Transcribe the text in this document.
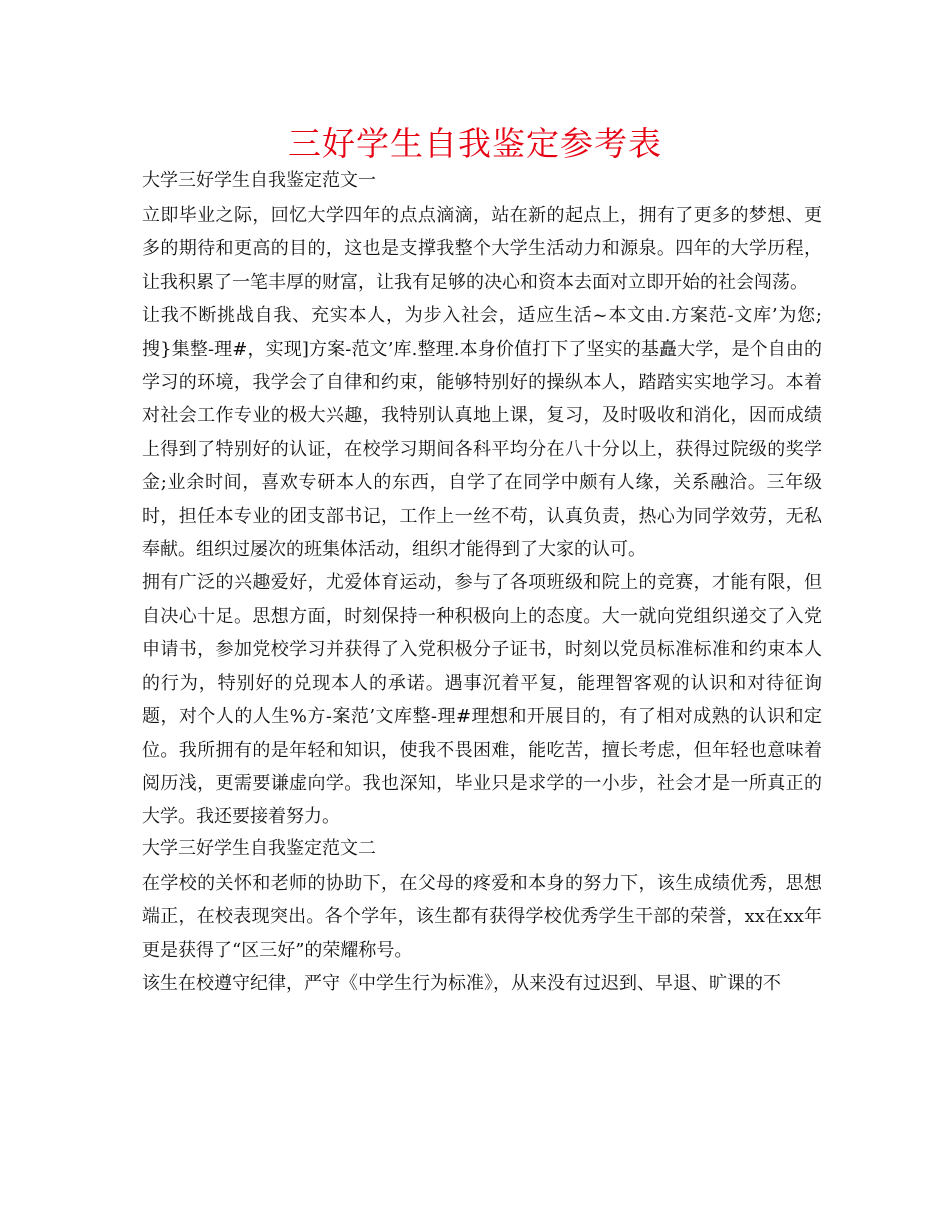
三好学生自我鉴定参考表

大学三好学生自我鉴定范文一

立即毕业之际，回忆大学四年的点点滴滴，站在新的起点上，拥有了更多的梦想、更多的期待和更高的目的，这也是支撑我整个大学生活动力和源泉。四年的大学历程，让我积累了一笔丰厚的财富，让我有足够的决心和资本去面对立即开始的社会闯荡。

让我不断挑战自我、充实本人，为步入社会，适应生活~本文由.方案范-文库’为您;搜}集整-理#，实现]方案-范文’库.整理.本身价值打下了坚实的基矗大学，是个自由的学习的环境，我学会了自律和约束，能够特别好的操纵本人，踏踏实实地学习。本着对社会工作专业的极大兴趣，我特别认真地上课，复习，及时吸收和消化，因而成绩上得到了特别好的认证，在校学习期间各科平均分在八十分以上，获得过院级的奖学金;业余时间，喜欢专研本人的东西，自学了在同学中颇有人缘，关系融洽。三年级时，担任本专业的团支部书记，工作上一丝不苟，认真负责，热心为同学效劳，无私奉献。组织过屡次的班集体活动，组织才能得到了大家的认可。

拥有广泛的兴趣爱好，尤爱体育运动，参与了各项班级和院上的竞赛，才能有限，但自决心十足。思想方面，时刻保持一种积极向上的态度。大一就向党组织递交了入党申请书，参加党校学习并获得了入党积极分子证书，时刻以党员标准标准和约束本人的行为，特别好的兑现本人的承诺。遇事沉着平复，能理智客观的认识和对待征询题，对个人的人生%方-案范’文库整-理#理想和开展目的，有了相对成熟的认识和定位。我所拥有的是年轻和知识，使我不畏困难，能吃苦，擅长考虑，但年轻也意味着阅历浅，更需要谦虚向学。我也深知，毕业只是求学的一小步，社会才是一所真正的大学。我还要接着努力。

大学三好学生自我鉴定范文二

在学校的关怀和老师的协助下，在父母的疼爱和本身的努力下，该生成绩优秀，思想端正，在校表现突出。各个学年，该生都有获得学校优秀学生干部的荣誉，xx在xx年更是获得了“区三好”的荣耀称号。

该生在校遵守纪律，严守《中学生行为标准》，从来没有过迟到、早退、旷课的不
